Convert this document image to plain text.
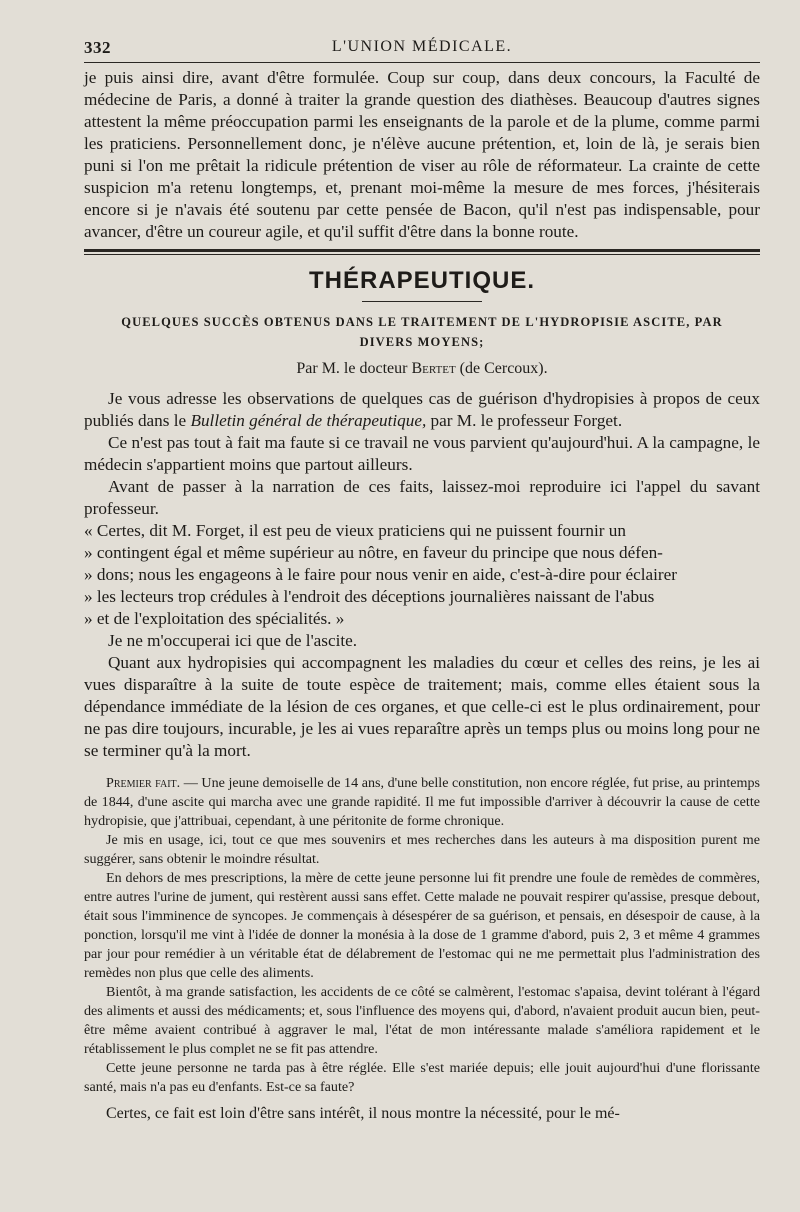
332	L'UNION MÉDICALE.

je puis ainsi dire, avant d'être formulée. Coup sur coup, dans deux concours, la Faculté de médecine de Paris, a donné à traiter la grande question des diathèses. Beaucoup d'autres signes attestent la même préoccupation parmi les enseignants de la parole et de la plume, comme parmi les praticiens. Personnellement donc, je n'élève aucune prétention, et, loin de là, je serais bien puni si l'on me prêtait la ridicule prétention de viser au rôle de réformateur. La crainte de cette suspicion m'a retenu longtemps, et, prenant moi-même la mesure de mes forces, j'hésiterais encore si je n'avais été soutenu par cette pensée de Bacon, qu'il n'est pas indispensable, pour avancer, d'être un coureur agile, et qu'il suffit d'être dans la bonne route.

THÉRAPEUTIQUE.
QUELQUES SUCCÈS OBTENUS DANS LE TRAITEMENT DE L'HYDROPISIE ASCITE, PAR
DIVERS MOYENS;
Par M. le docteur Bertet (de Cercoux).

Je vous adresse les observations de quelques cas de guérison d'hydropisies à propos de ceux publiés dans le Bulletin général de thérapeutique, par M. le professeur Forget.

Ce n'est pas tout à fait ma faute si ce travail ne vous parvient qu'aujourd'hui. A la campagne, le médecin s'appartient moins que partout ailleurs.

Avant de passer à la narration de ces faits, laissez-moi reproduire ici l'appel du savant professeur.

« Certes, dit M. Forget, il est peu de vieux praticiens qui ne puissent fournir un

» contingent égal et même supérieur au nôtre, en faveur du principe que nous défen-

» dons; nous les engageons à le faire pour nous venir en aide, c'est-à-dire pour éclairer

» les lecteurs trop crédules à l'endroit des déceptions journalières naissant de l'abus

» et de l'exploitation des spécialités. »

Je ne m'occuperai ici que de l'ascite.

Quant aux hydropisies qui accompagnent les maladies du cœur et celles des reins, je les ai vues disparaître à la suite de toute espèce de traitement; mais, comme elles étaient sous la dépendance immédiate de la lésion de ces organes, et que celle-ci est le plus ordinairement, pour ne pas dire toujours, incurable, je les ai vues reparaître après un temps plus ou moins long pour ne se terminer qu'à la mort.

Premier fait. — Une jeune demoiselle de 14 ans, d'une belle constitution, non encore réglée, fut prise, au printemps de 1844, d'une ascite qui marcha avec une grande rapidité. Il me fut impossible d'arriver à découvrir la cause de cette hydropisie, que j'attribuai, cependant, à une péritonite de forme chronique.

Je mis en usage, ici, tout ce que mes souvenirs et mes recherches dans les auteurs à ma disposition purent me suggérer, sans obtenir le moindre résultat.

En dehors de mes prescriptions, la mère de cette jeune personne lui fit prendre une foule de remèdes de commères, entre autres l'urine de jument, qui restèrent aussi sans effet. Cette malade ne pouvait respirer qu'assise, presque debout, était sous l'imminence de syncopes. Je commençais à désespérer de sa guérison, et pensais, en désespoir de cause, à la ponction, lorsqu'il me vint à l'idée de donner la monésia à la dose de 1 gramme d'abord, puis 2, 3 et même 4 grammes par jour pour remédier à un véritable état de délabrement de l'estomac qui ne me permettait plus l'administration des remèdes non plus que celle des aliments.

Bientôt, à ma grande satisfaction, les accidents de ce côté se calmèrent, l'estomac s'apaisa, devint tolérant à l'égard des aliments et aussi des médicaments; et, sous l'influence des moyens qui, d'abord, n'avaient produit aucun bien, peut-être même avaient contribué à aggraver le mal, l'état de mon intéressante malade s'améliora rapidement et le rétablissement le plus complet ne se fit pas attendre.

Cette jeune personne ne tarda pas à être réglée. Elle s'est mariée depuis; elle jouit aujourd'hui d'une florissante santé, mais n'a pas eu d'enfants. Est-ce sa faute?

Certes, ce fait est loin d'être sans intérêt, il nous montre la nécessité, pour le mé-
